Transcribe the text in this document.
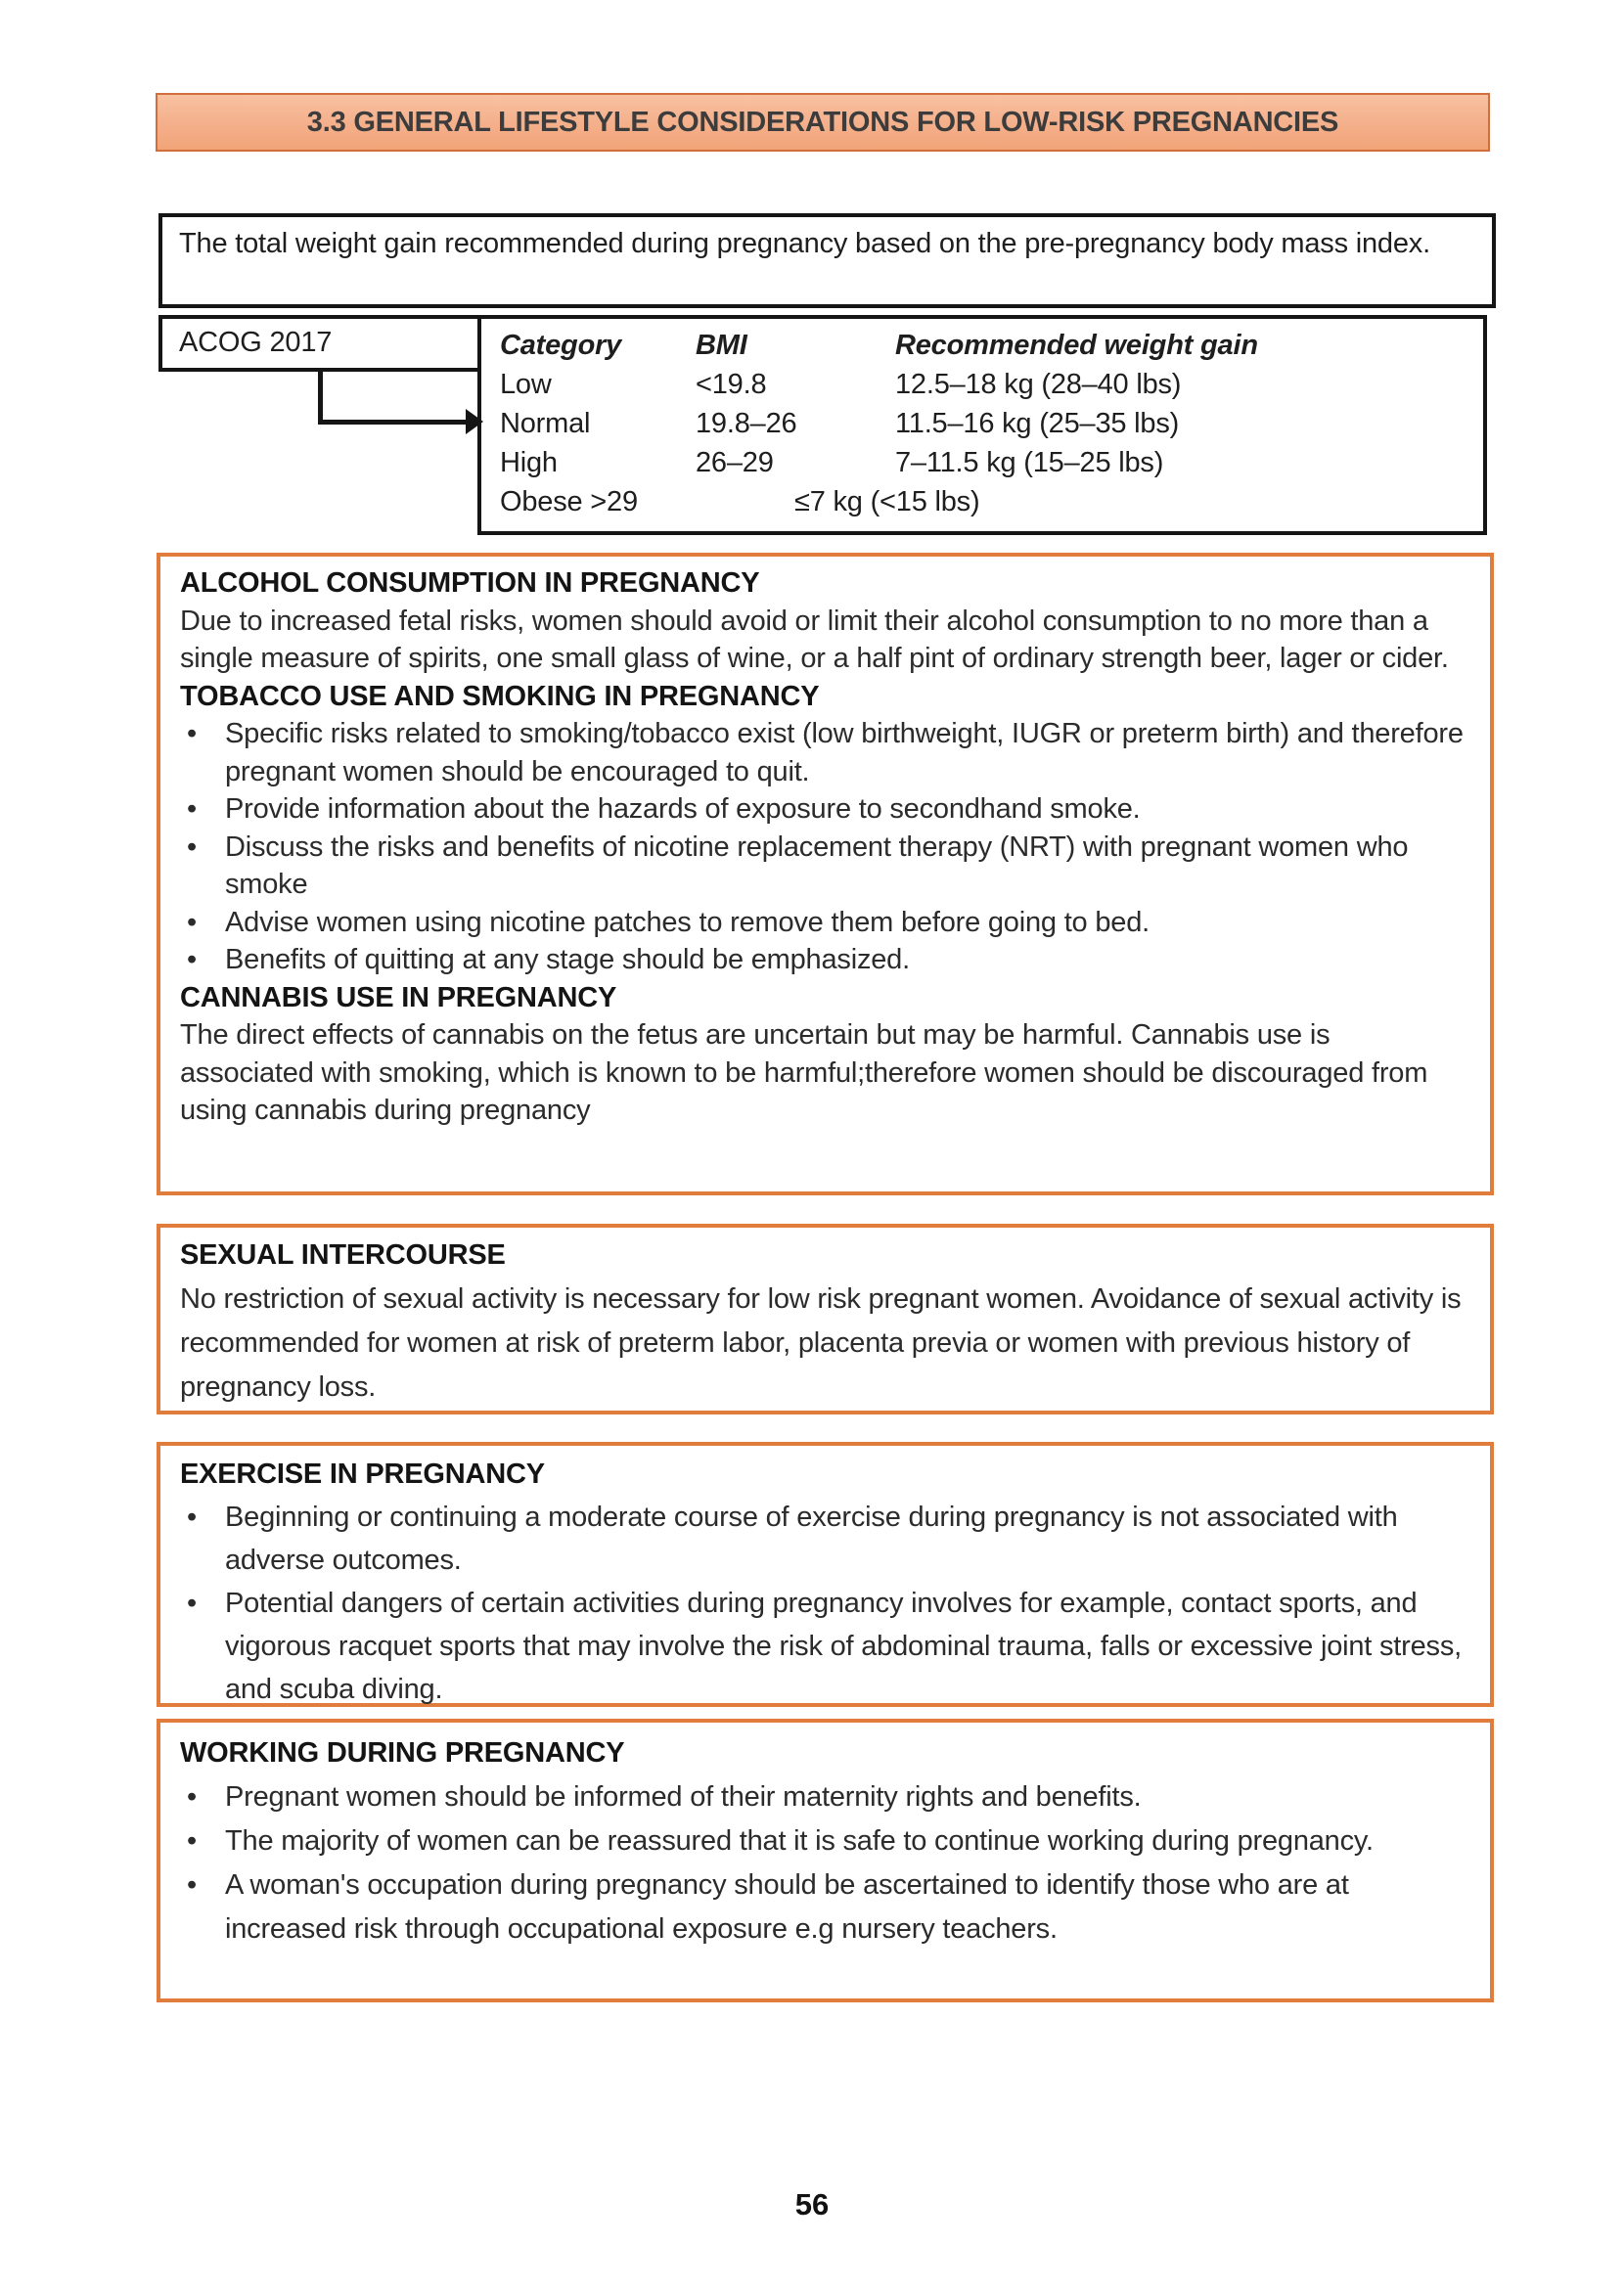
3.3 GENERAL LIFESTYLE CONSIDERATIONS FOR LOW-RISK PREGNANCIES
The total weight gain recommended during pregnancy based on the pre-pregnancy body mass index.
ACOG 2017	Category	BMI	Recommended weight gain
Low	<19.8	12.5–18 kg (28–40 lbs)
Normal	19.8–26	11.5–16 kg (25–35 lbs)
High	26–29	7–11.5 kg (15–25 lbs)
Obese >29	≤7 kg (<15 lbs)
ALCOHOL CONSUMPTION IN PREGNANCY
Due to increased fetal risks, women should avoid or limit their alcohol consumption to no more than a single measure of spirits, one small glass of wine, or a half pint of ordinary strength beer, lager or cider.
TOBACCO USE AND SMOKING IN PREGNANCY
•	Specific risks related to smoking/tobacco exist (low birthweight, IUGR or preterm birth) and therefore pregnant women should be encouraged to quit.
•	Provide information about the hazards of exposure to secondhand smoke.
•	Discuss the risks and benefits of nicotine replacement therapy (NRT) with pregnant women who smoke
•	Advise women using nicotine patches to remove them before going to bed.
•	Benefits of quitting at any stage should be emphasized.
CANNABIS USE IN PREGNANCY
The direct effects of cannabis on the fetus are uncertain but may be harmful. Cannabis use is associated with smoking, which is known to be harmful;therefore women should be discouraged from using cannabis during pregnancy
SEXUAL INTERCOURSE
No restriction of sexual activity is necessary for low risk pregnant women. Avoidance of sexual activity is recommended for women at risk of preterm labor, placenta previa or women with previous history of pregnancy loss.
EXERCISE IN PREGNANCY
•	Beginning or continuing a moderate course of exercise during pregnancy is not associated with adverse outcomes.
•	Potential dangers of certain activities during pregnancy involves for example, contact sports, and vigorous racquet sports that may involve the risk of abdominal trauma, falls or excessive joint stress, and scuba diving.
WORKING DURING PREGNANCY
•	Pregnant women should be informed of their maternity rights and benefits.
•	The majority of women can be reassured that it is safe to continue working during pregnancy.
•	A woman's occupation during pregnancy should be ascertained to identify those who are at increased risk through occupational exposure e.g nursery teachers.
56
